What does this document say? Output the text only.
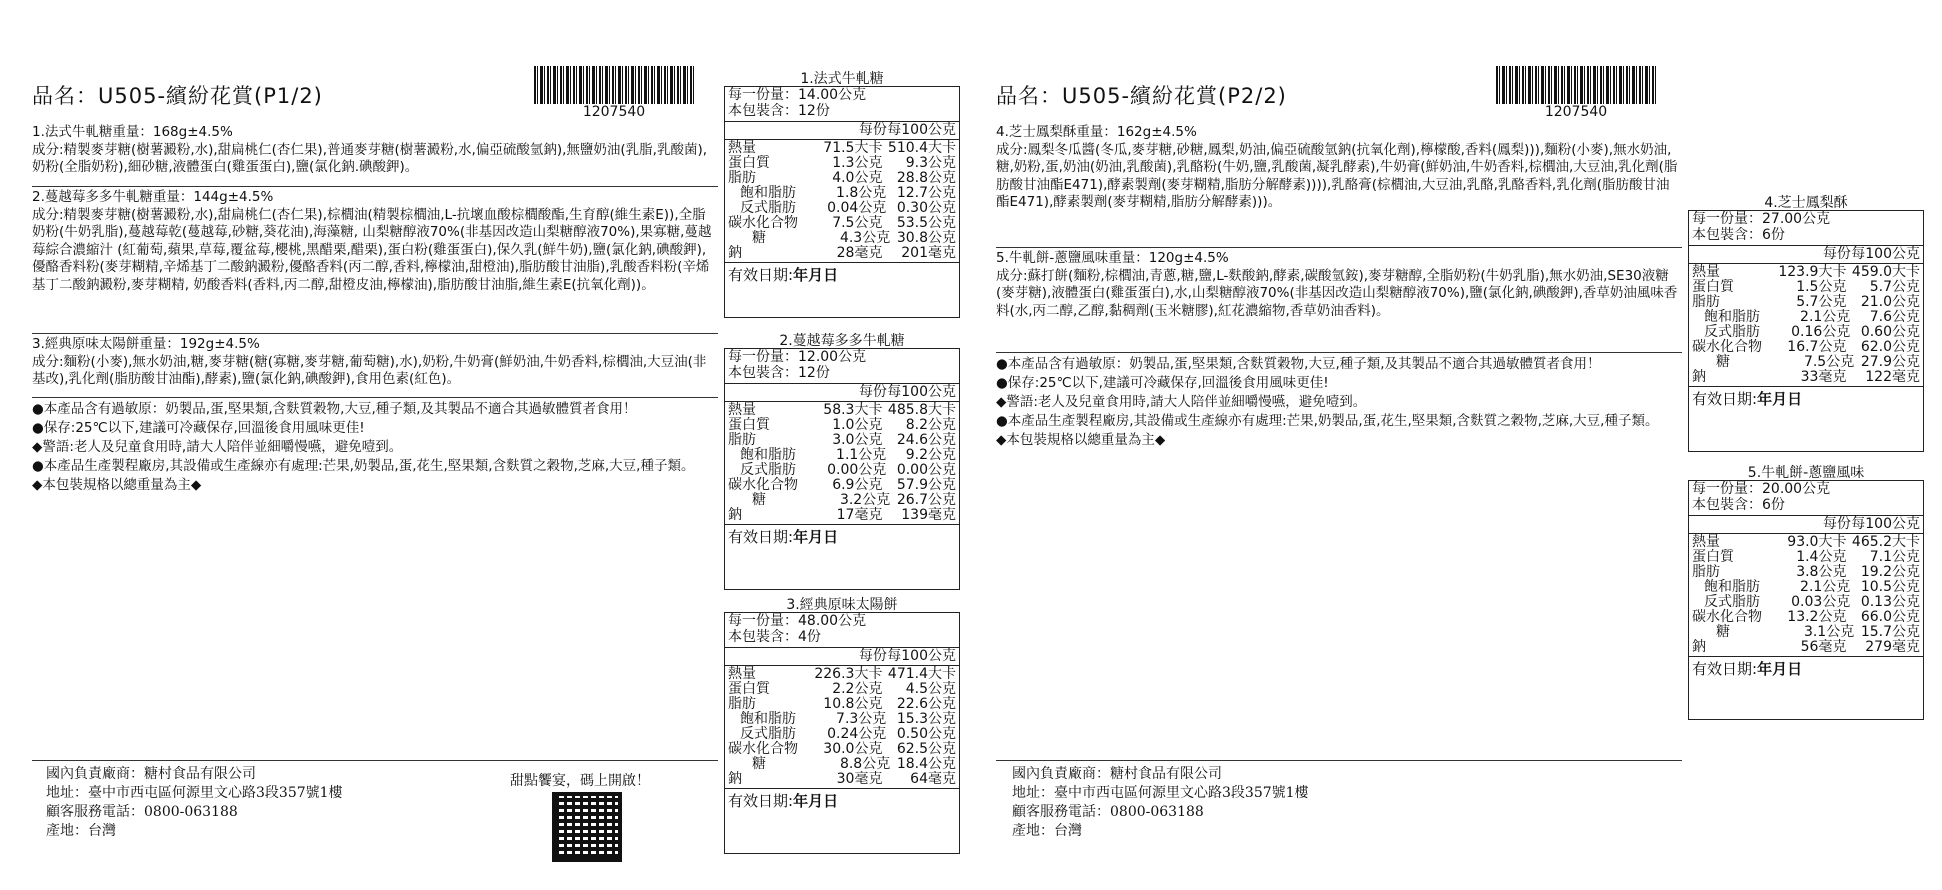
品名：U505-繽紛花賞(P1/2)
1207540

1.法式牛軋糖重量：168g±4.5%

成分:精製麥芽糖(樹薯澱粉,水),甜扁桃仁(杏仁果),普通麥芽糖(樹薯澱粉,水,偏亞硫酸氫鈉),無鹽奶油(乳脂,乳酸菌),奶粉(全脂奶粉),細砂糖,液體蛋白(雞蛋蛋白),鹽(氯化鈉.碘酸鉀)。

2.蔓越莓多多牛軋糖重量：144g±4.5%

成分:精製麥芽糖(樹薯澱粉,水),甜扁桃仁(杏仁果),棕櫚油(精製棕櫚油,L-抗壞血酸棕櫚酸酯,生育醇(維生素E)),全脂奶粉(牛奶乳脂),蔓越莓乾(蔓越莓,砂糖,葵花油),海藻糖, 山梨糖醇液70%(非基因改造山梨糖醇液70%),果寡糖,蔓越莓綜合濃縮汁 (紅葡萄,蘋果,草莓,覆盆莓,櫻桃,黑醋栗,醋栗),蛋白粉(雞蛋蛋白),保久乳(鮮牛奶),鹽(氯化鈉,碘酸鉀),優酪香料粉(麥芽糊精,辛烯基丁二酸鈉澱粉,優酪香料(丙二醇,香料,檸檬油,甜橙油),脂肪酸甘油脂),乳酸香料粉(辛烯基丁二酸鈉澱粉,麥芽糊精, 奶酸香料(香料,丙二醇,甜橙皮油,檸檬油),脂肪酸甘油脂,維生素E(抗氧化劑))。

3.經典原味太陽餅重量：192g±4.5%

成分:麵粉(小麥),無水奶油,糖,麥芽糖(糖(寡糖,麥芽糖,葡萄糖),水),奶粉,牛奶膏(鮮奶油,牛奶香料,棕櫚油,大豆油(非基改),乳化劑(脂肪酸甘油酯),酵素),鹽(氯化鈉,碘酸鉀),食用色素(紅色)。

●本產品含有過敏原：奶製品,蛋,堅果類,含麩質穀物,大豆,種子類,及其製品不適合其過敏體質者食用！
●保存:25℃以下,建議可冷藏保存,回溫後食用風味更佳!
◆警語:老人及兒童食用時,請大人陪伴並細嚼慢嚥，避免噎到。
●本產品生產製程廠房,其設備或生產線亦有處理:芒果,奶製品,蛋,花生,堅果類,含麩質之穀物,芝麻,大豆,種子類。
◆本包裝規格以總重量為主◆
國內負責廠商：糖村食品有限公司
地址：臺中市西屯區何源里文心路3段357號1樓
顧客服務電話：0800-063188
產地：台灣
甜點饗宴，碼上開啟！
1.法式牛軋糖
每一份量：14.00公克
本包裝含：12份
每份 每100公克
熱量	71.5大卡 510.4大卡
蛋白質	1.3公克	9.3公克
脂肪	4.0公克	28.8公克
飽和脂肪	1.8公克 12.7公克
反式脂肪	0.04公克 0.30公克
碳水化合物	7.5公克	53.5公克
糖	4.3公克 30.8公克
鈉	28毫克	201毫克
有效日期:年月日
2.蔓越莓多多牛軋糖
每一份量：12.00公克
本包裝含：12份
每份 每100公克
熱量	58.3大卡 485.8大卡
蛋白質	1.0公克	8.2公克
脂肪	3.0公克	24.6公克
飽和脂肪	1.1公克	9.2公克
反式脂肪	0.00公克 0.00公克
碳水化合物	6.9公克	57.9公克
糖	3.2公克 26.7公克
鈉	17毫克	139毫克
有效日期:年月日
3.經典原味太陽餅
每一份量：48.00公克
本包裝含：4份
每份 每100公克
熱量	226.3大卡 471.4大卡
蛋白質	2.2公克	4.5公克
脂肪	10.8公克	22.6公克
飽和脂肪	7.3公克 15.3公克
反式脂肪	0.24公克 0.50公克
碳水化合物	30.0公克	62.5公克
糖	8.8公克 18.4公克
鈉	30毫克	64毫克
有效日期:年月日
品名：U505-繽紛花賞(P2/2)
1207540

4.芝士鳳梨酥重量：162g±4.5%

成分:鳳梨冬瓜醬(冬瓜,麥芽糖,砂糖,鳳梨,奶油,偏亞硫酸氫鈉(抗氧化劑),檸檬酸,香料(鳳梨))),麵粉(小麥),無水奶油,糖,奶粉,蛋,奶油(奶油,乳酸菌),乳酪粉(牛奶,鹽,乳酸菌,凝乳酵素),牛奶膏(鮮奶油,牛奶香料,棕櫚油,大豆油,乳化劑(脂肪酸甘油酯E471),酵素製劑(麥芽糊精,脂肪分解酵素)))),乳酪膏(棕櫚油,大豆油,乳酪,乳酪香料,乳化劑(脂肪酸甘油酯E471),酵素製劑(麥芽糊精,脂肪分解酵素)))。

5.牛軋餅-蔥鹽風味重量：120g±4.5%

成分:蘇打餅(麵粉,棕櫚油,青蔥,糖,鹽,L-麩酸鈉,酵素,碳酸氫銨),麥芽糖醇,全脂奶粉(牛奶乳脂),無水奶油,SE30液糖(麥芽糖),液體蛋白(雞蛋蛋白),水,山梨糖醇液70%(非基因改造山梨糖醇液70%),鹽(氯化鈉,碘酸鉀),香草奶油風味香料(水,丙二醇,乙醇,黏稠劑(玉米糖膠),紅花濃縮物,香草奶油香料)。

●本產品含有過敏原：奶製品,蛋,堅果類,含麩質穀物,大豆,種子類,及其製品不適合其過敏體質者食用！
●保存:25℃以下,建議可冷藏保存,回溫後食用風味更佳!
◆警語:老人及兒童食用時,請大人陪伴並細嚼慢嚥，避免噎到。
●本產品生產製程廠房,其設備或生產線亦有處理:芒果,奶製品,蛋,花生,堅果類,含麩質之穀物,芝麻,大豆,種子類。
◆本包裝規格以總重量為主◆
國內負責廠商：糖村食品有限公司
地址：臺中市西屯區何源里文心路3段357號1樓
顧客服務電話：0800-063188
產地：台灣
4.芝士鳳梨酥
每一份量：27.00公克
本包裝含：6份
每份 每100公克
熱量	123.9大卡 459.0大卡
蛋白質	1.5公克	5.7公克
脂肪	5.7公克	21.0公克
飽和脂肪	2.1公克	7.6公克
反式脂肪	0.16公克 0.60公克
碳水化合物	16.7公克	62.0公克
糖	7.5公克 27.9公克
鈉	33毫克	122毫克
有效日期:年月日
5.牛軋餅-蔥鹽風味
每一份量：20.00公克
本包裝含：6份
每份 每100公克
熱量	93.0大卡 465.2大卡
蛋白質	1.4公克	7.1公克
脂肪	3.8公克	19.2公克
飽和脂肪	2.1公克 10.5公克
反式脂肪	0.03公克 0.13公克
碳水化合物	13.2公克	66.0公克
糖	3.1公克 15.7公克
鈉	56毫克	279毫克
有效日期:年月日
